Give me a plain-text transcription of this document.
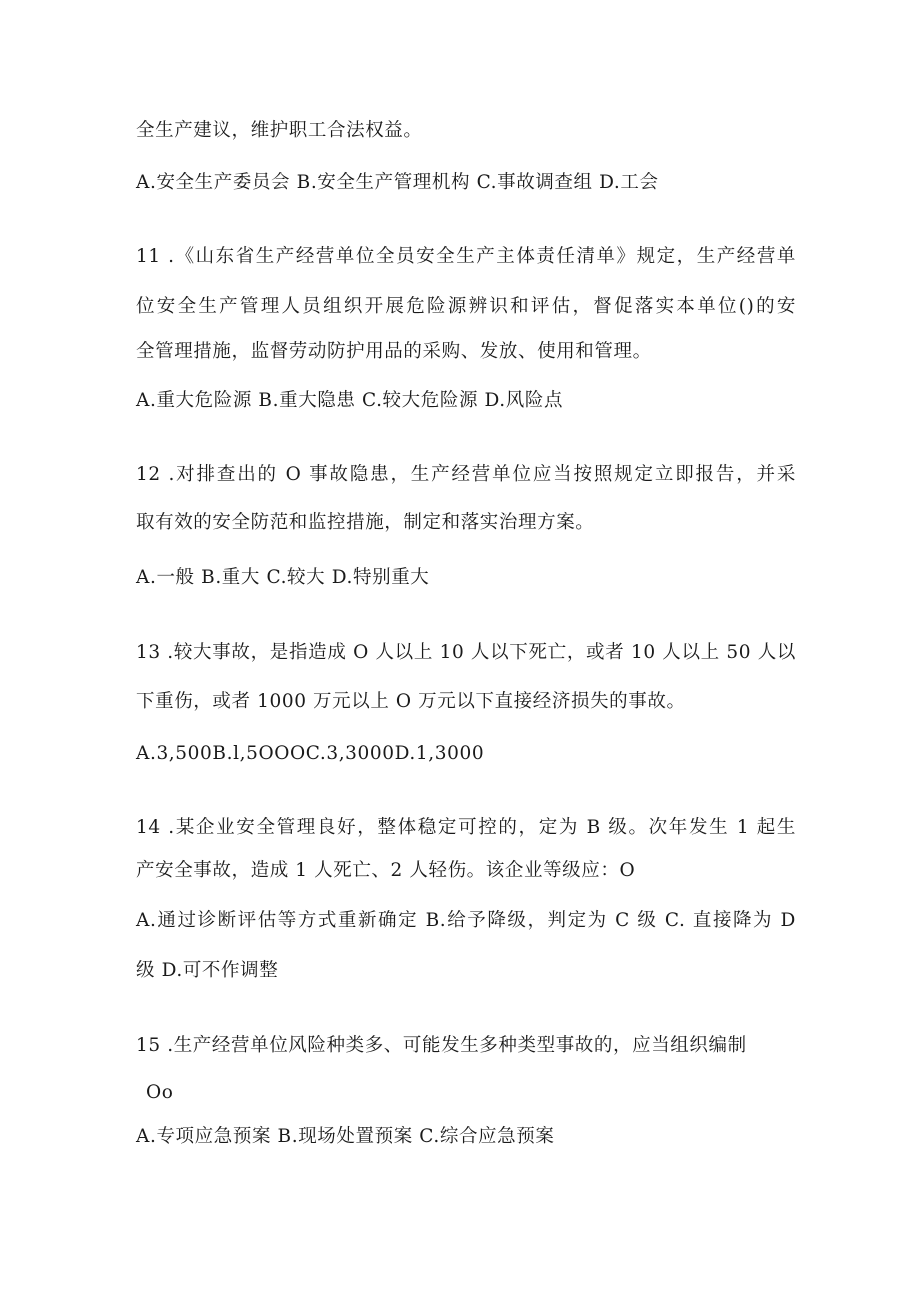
全生产建议，维护职工合法权益。
A.安全生产委员会 B.安全生产管理机构 C.事故调查组 D.工会
11 .《山东省生产经营单位全员安全生产主体责任清单》规定，生产经营单
位安全生产管理人员组织开展危险源辨识和评估，督促落实本单位()的安
全管理措施，监督劳动防护用品的采购、发放、使用和管理。
A.重大危险源 B.重大隐患 C.较大危险源 D.风险点
12 .对排查出的 O 事故隐患，生产经营单位应当按照规定立即报告，并采
取有效的安全防范和监控措施，制定和落实治理方案。
A.一般 B.重大 C.较大 D.特别重大
13 .较大事故，是指造成 O 人以上 10 人以下死亡，或者 10 人以上 50 人以
下重伤，或者 1000 万元以上 O 万元以下直接经济损失的事故。
A.3,500B.l,5OOOC.3,3000D.1,3000
14 .某企业安全管理良好，整体稳定可控的，定为 B 级。次年发生 1 起生
产安全事故，造成 1 人死亡、2 人轻伤。该企业等级应：O
A.通过诊断评估等方式重新确定 B.给予降级，判定为 C 级 C. 直接降为 D
级 D.可不作调整
15 .生产经营单位风险种类多、可能发生多种类型事故的，应当组织编制
Oo
A.专项应急预案 B.现场处置预案 C.综合应急预案
